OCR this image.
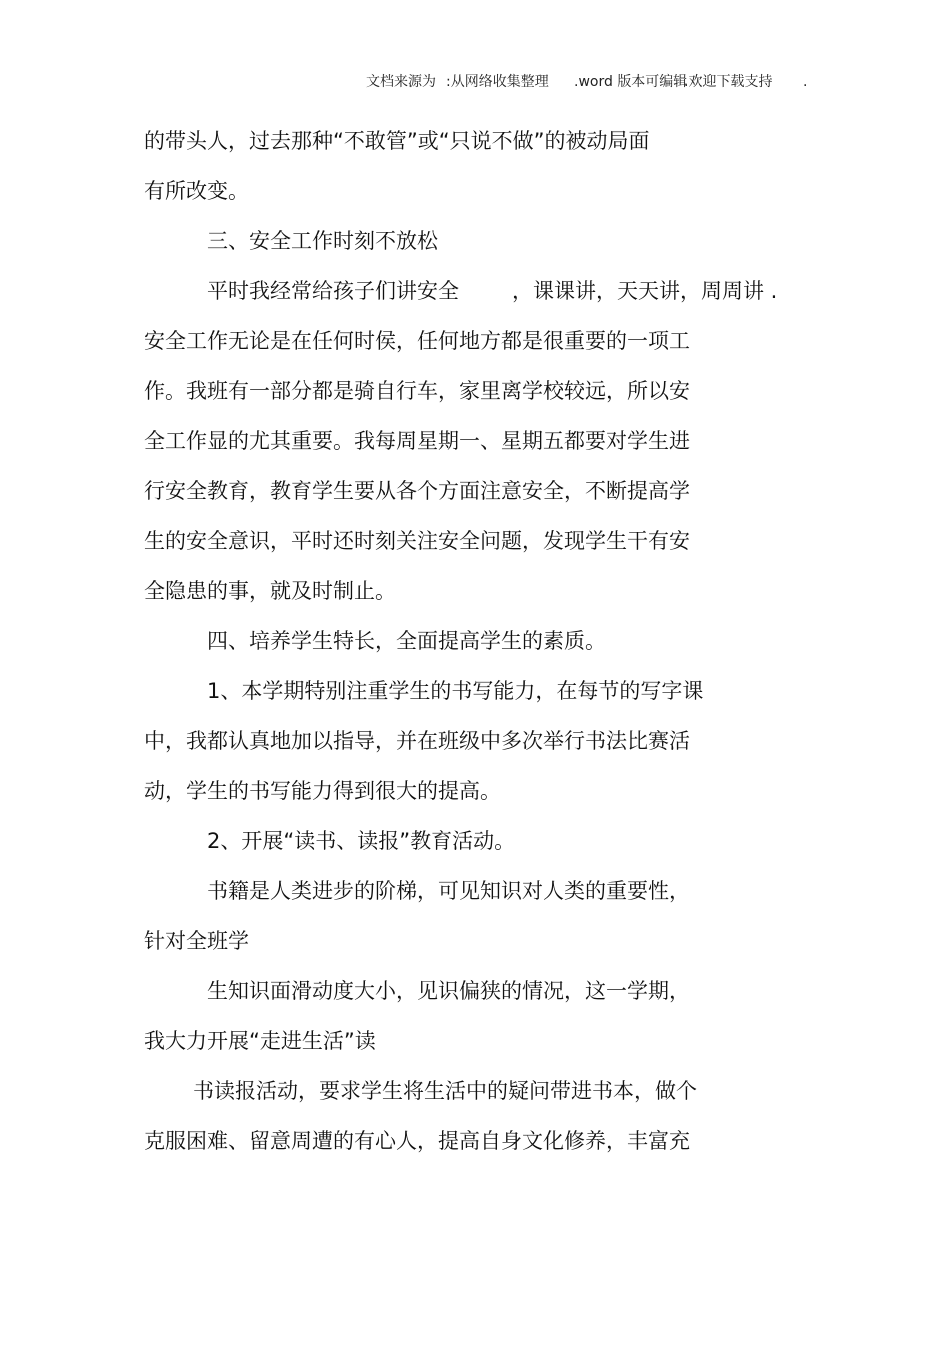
文档来源为 :从网络收集整理 .word 版本可编辑
.欢迎下载支持 .
的带头人，过去那种“不敢管”或“只说不做”的被动局面
有所改变。
三、安全工作时刻不放松
平时我经常给孩子们讲安全	，课课讲，天天讲，周周讲 .
安全工作无论是在任何时侯，任何地方都是很重要的一项工
作。我班有一部分都是骑自行车，家里离学校较远，所以安
全工作显的尤其重要。我每周星期一、星期五都要对学生进
行安全教育，教育学生要从各个方面注意安全，不断提高学
生的安全意识，平时还时刻关注安全问题，发现学生干有安
全隐患的事，就及时制止。
四、培养学生特长，全面提高学生的素质。
1、本学期特别注重学生的书写能力，在每节的写字课
中，我都认真地加以指导，并在班级中多次举行书法比赛活
动，学生的书写能力得到很大的提高。
2、开展“读书、读报”教育活动。
书籍是人类进步的阶梯，可见知识对人类的重要性，
针对全班学
生知识面滑动度大小，见识偏狭的情况，这一学期，
我大力开展“走进生活”读
书读报活动，要求学生将生活中的疑问带进书本，做个
克服困难、留意周遭的有心人，提高自身文化修养，丰富充
